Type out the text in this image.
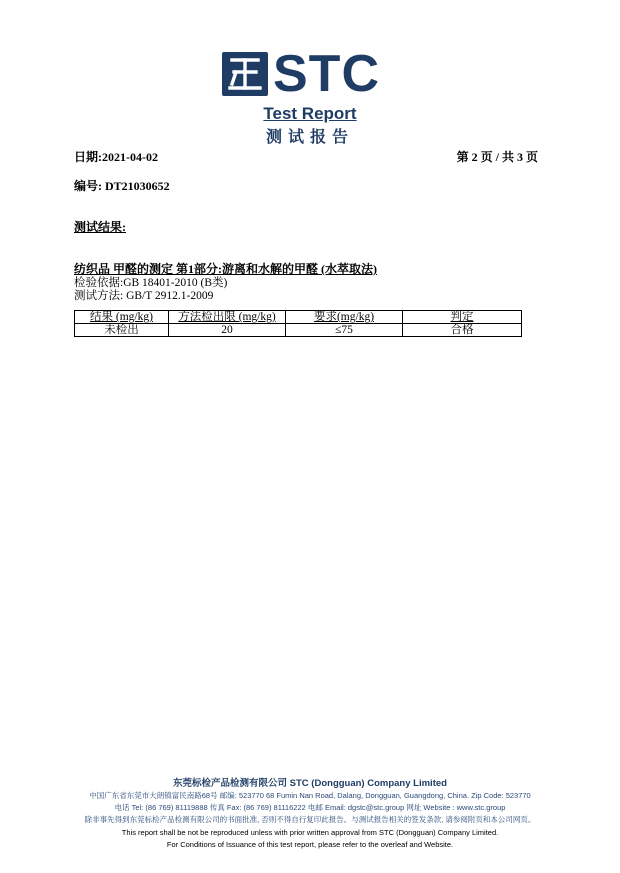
STC
Test Report
测试报告
日期:2021-04-02	第 2 页 / 共 3 页
编号: DT21030652
测试结果:
纺织品 甲醛的测定 第1部分:游离和水解的甲醛 (水萃取法)
检验依据:GB 18401-2010 (B类)
测试方法: GB/T 2912.1-2009
结果 (mg/kg)	方法检出限 (mg/kg)	要求(mg/kg)	判定
未检出	20	≤75	合格
东莞标检产品检测有限公司 STC (Dongguan) Company Limited
中国广东省东莞市大朗镇富民南路68号 邮编: 523770 68 Fumin Nan Road, Dalang, Dongguan, Guangdong, China. Zip Code: 523770
电话 Tel: (86 769) 81119888 传真 Fax: (86 769) 81116222 电邮 Email: dgstc@stc.group 网址 Website : www.stc.group
除非事先得到东莞标检产品检测有限公司的书面批准, 否则不得自行复印此报告。与测试报告相关的签发条款, 请参阅附页和本公司网页。
This report shall be not be reproduced unless with prior written approval from STC (Dongguan) Company Limited.
For Conditions of Issuance of this test report, please refer to the overleaf and Website.
